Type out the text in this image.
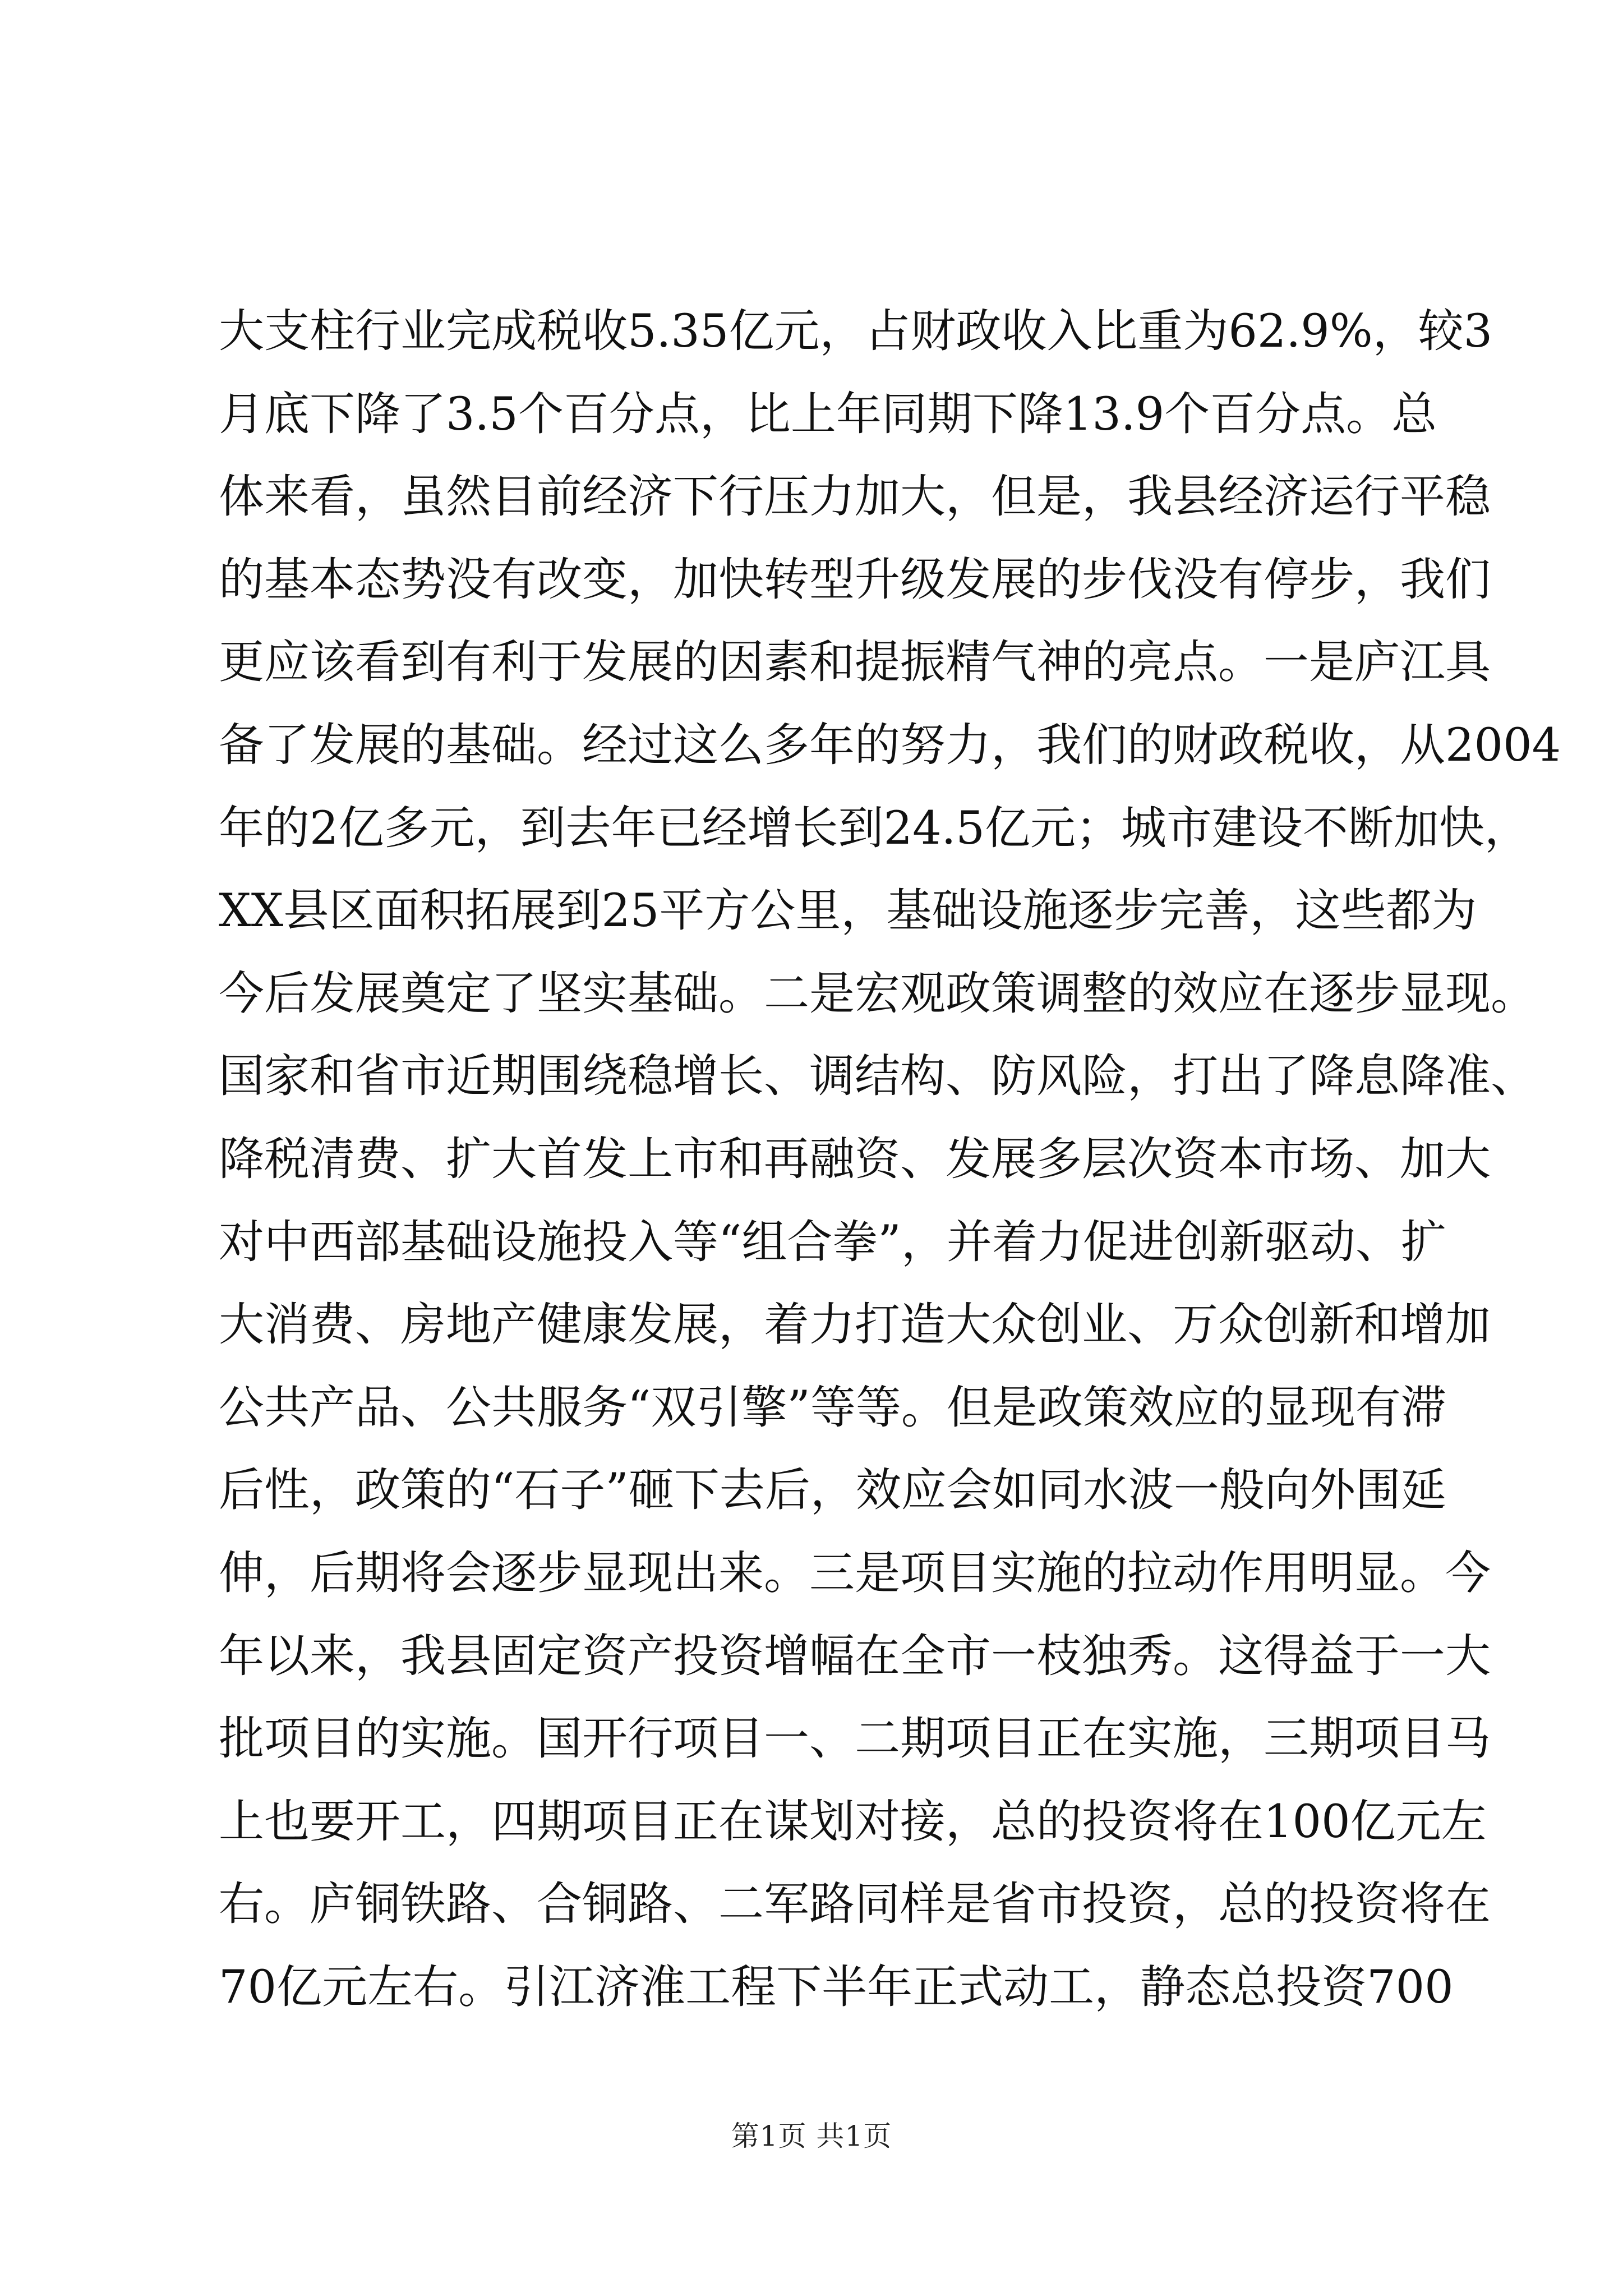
大支柱行业完成税收5.35亿元，占财政收入比重为62.9%，较3
月底下降了3.5个百分点，比上年同期下降13.9个百分点。总
体来看，虽然目前经济下行压力加大，但是，我县经济运行平稳
的基本态势没有改变，加快转型升级发展的步伐没有停步，我们
更应该看到有利于发展的因素和提振精气神的亮点。一是庐江具
备了发展的基础。经过这么多年的努力，我们的财政税收，从2004
年的2亿多元，到去年已经增长到24.5亿元；城市建设不断加快，
XX县区面积拓展到25平方公里，基础设施逐步完善，这些都为
今后发展奠定了坚实基础。二是宏观政策调整的效应在逐步显现。
国家和省市近期围绕稳增长、调结构、防风险，打出了降息降准、
降税清费、扩大首发上市和再融资、发展多层次资本市场、加大
对中西部基础设施投入等“组合拳”，并着力促进创新驱动、扩
大消费、房地产健康发展，着力打造大众创业、万众创新和增加
公共产品、公共服务“双引擎”等等。但是政策效应的显现有滞
后性，政策的“石子”砸下去后，效应会如同水波一般向外围延
伸，后期将会逐步显现出来。三是项目实施的拉动作用明显。今
年以来，我县固定资产投资增幅在全市一枝独秀。这得益于一大
批项目的实施。国开行项目一、二期项目正在实施，三期项目马
上也要开工，四期项目正在谋划对接，总的投资将在100亿元左
右。庐铜铁路、合铜路、二军路同样是省市投资，总的投资将在
70亿元左右。引江济淮工程下半年正式动工，静态总投资700
第1页 共1页
